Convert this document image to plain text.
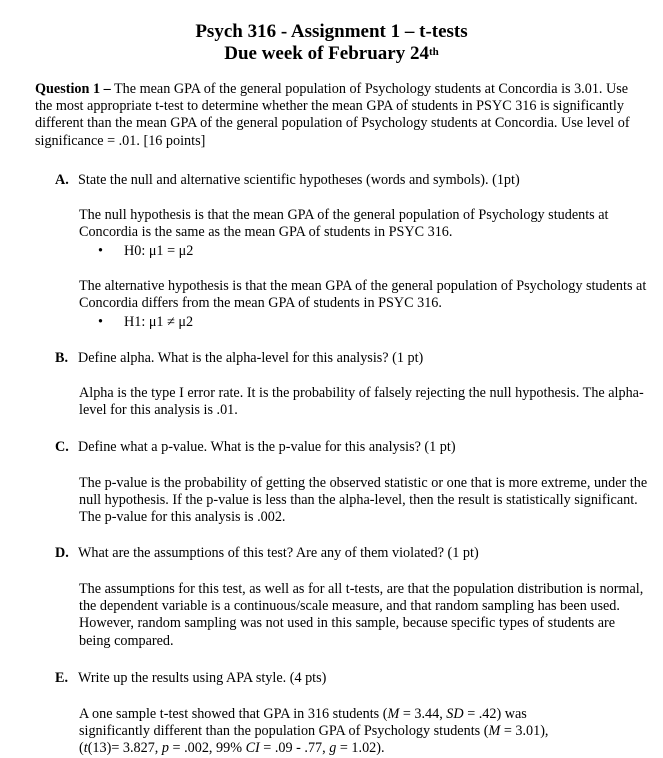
Psych 316 - Assignment 1 – t-tests
Due week of February 24th
Question 1 – The mean GPA of the general population of Psychology students at Concordia is 3.01. Use the most appropriate t-test to determine whether the mean GPA of students in PSYC 316 is significantly different than the mean GPA of the general population of Psychology students at Concordia. Use level of significance = .01. [16 points]
A. State the null and alternative scientific hypotheses (words and symbols). (1pt)
The null hypothesis is that the mean GPA of the general population of Psychology students at Concordia is the same as the mean GPA of students in PSYC 316.
• H0: μ1 = μ2
The alternative hypothesis is that the mean GPA of the general population of Psychology students at Concordia differs from the mean GPA of students in PSYC 316.
• H1: μ1 ≠ μ2
B. Define alpha. What is the alpha-level for this analysis? (1 pt)
Alpha is the type I error rate. It is the probability of falsely rejecting the null hypothesis. The alpha-level for this analysis is .01.
C. Define what a p-value. What is the p-value for this analysis? (1 pt)
The p-value is the probability of getting the observed statistic or one that is more extreme, under the null hypothesis. If the p-value is less than the alpha-level, then the result is statistically significant. The p-value for this analysis is .002.
D. What are the assumptions of this test? Are any of them violated? (1 pt)
The assumptions for this test, as well as for all t-tests, are that the population distribution is normal, the dependent variable is a continuous/scale measure, and that random sampling has been used. However, random sampling was not used in this sample, because specific types of students are being compared.
E. Write up the results using APA style. (4 pts)
A one sample t-test showed that GPA in 316 students (M = 3.44, SD = .42) was
significantly different than the population GPA of Psychology students (M = 3.01),
(t(13)= 3.827, p = .002, 99% CI = .09 - .77, g = 1.02).
